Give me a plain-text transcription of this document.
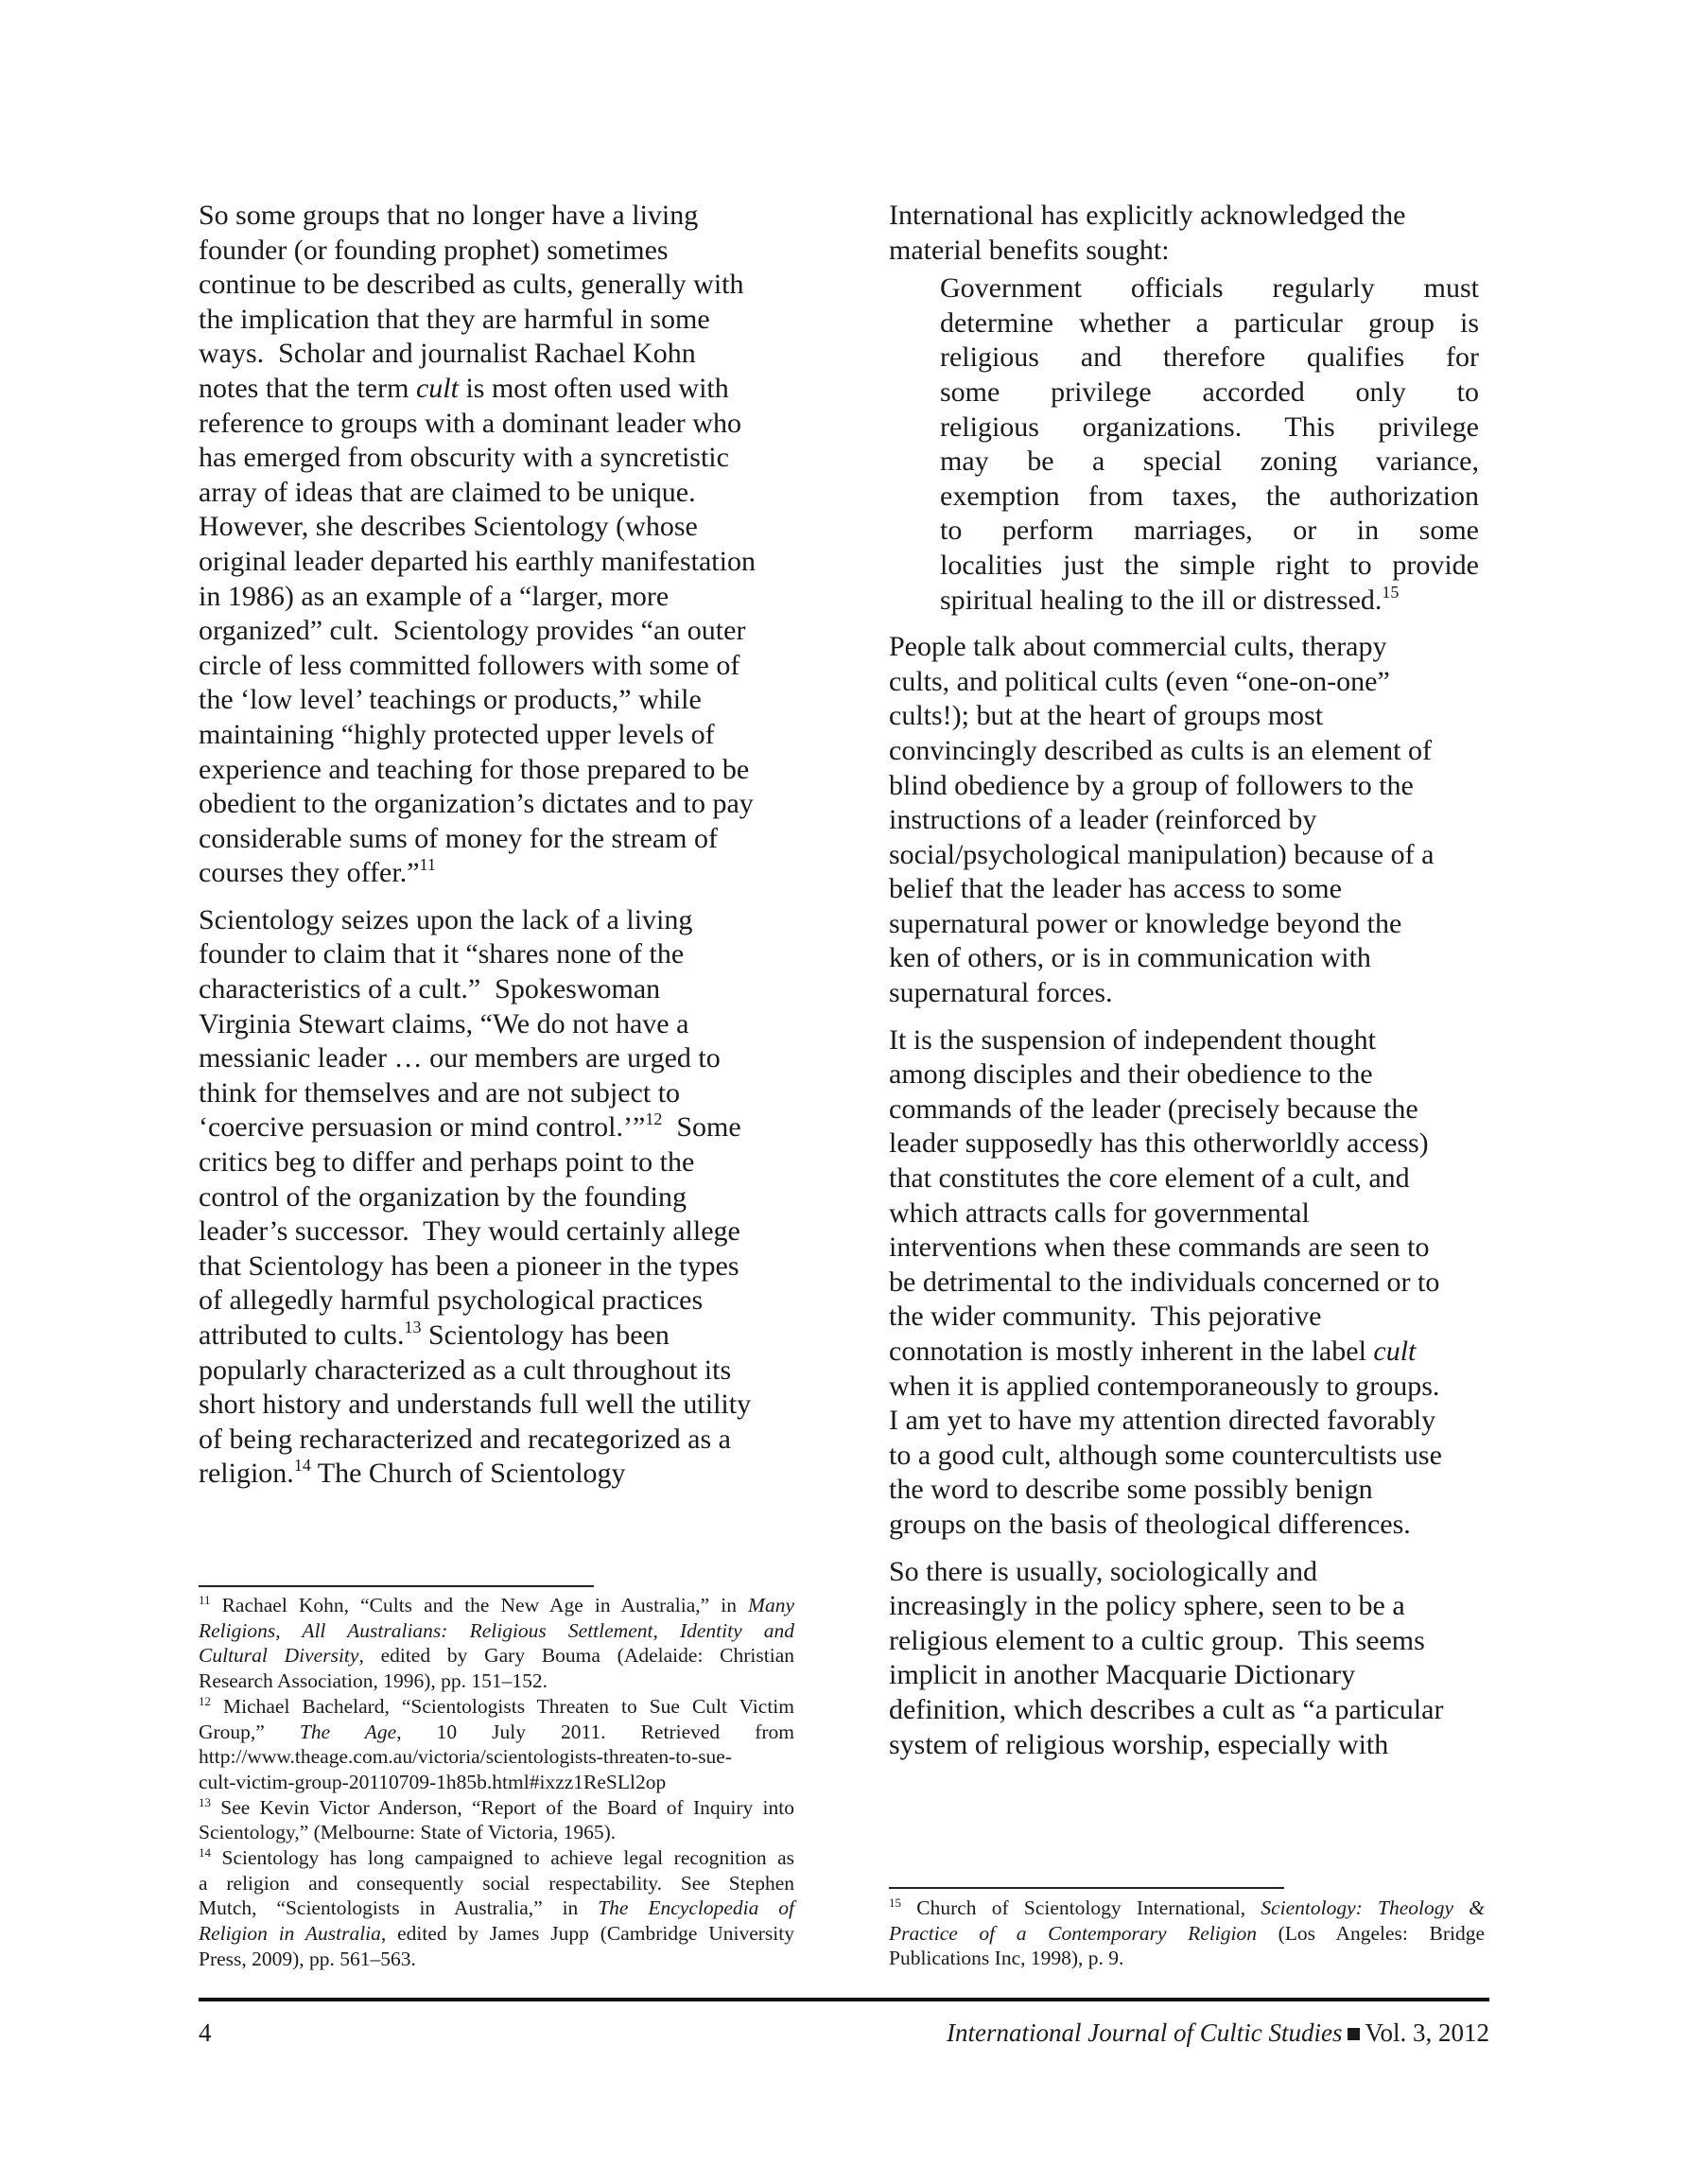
So some groups that no longer have a living
founder (or founding prophet) sometimes
continue to be described as cults, generally with
the implication that they are harmful in some
ways.  Scholar and journalist Rachael Kohn
notes that the term cult is most often used with
reference to groups with a dominant leader who
has emerged from obscurity with a syncretistic
array of ideas that are claimed to be unique.
However, she describes Scientology (whose
original leader departed his earthly manifestation
in 1986) as an example of a “larger, more
organized” cult.  Scientology provides “an outer
circle of less committed followers with some of
the ‘low level’ teachings or products,” while
maintaining “highly protected upper levels of
experience and teaching for those prepared to be
obedient to the organization’s dictates and to pay
considerable sums of money for the stream of
courses they offer.”$^{11}$
Scientology seizes upon the lack of a living
founder to claim that it “shares none of the
characteristics of a cult.”  Spokeswoman
Virginia Stewart claims, “We do not have a
messianic leader … our members are urged to
think for themselves and are not subject to
‘coercive persuasion or mind control.’”$^{12}$  Some
critics beg to differ and perhaps point to the
control of the organization by the founding
leader’s successor.  They would certainly allege
that Scientology has been a pioneer in the types
of allegedly harmful psychological practices
attributed to cults.$^{13}$ Scientology has been
popularly characterized as a cult throughout its
short history and understands full well the utility
of being recharacterized and recategorized as a
religion.$^{14}$ The Church of Scientology
International has explicitly acknowledged the
material benefits sought:
Government officials regularly must
determine whether a particular group is
religious and therefore qualifies for
some privilege accorded only to
religious organizations. This privilege
may be a special zoning variance,
exemption from taxes, the authorization
to perform marriages, or in some
localities just the simple right to provide
spiritual healing to the ill or distressed.$^{15}$
People talk about commercial cults, therapy
cults, and political cults (even “one-on-one”
cults!); but at the heart of groups most
convincingly described as cults is an element of
blind obedience by a group of followers to the
instructions of a leader (reinforced by
social/psychological manipulation) because of a
belief that the leader has access to some
supernatural power or knowledge beyond the
ken of others, or is in communication with
supernatural forces.
It is the suspension of independent thought
among disciples and their obedience to the
commands of the leader (precisely because the
leader supposedly has this otherworldly access)
that constitutes the core element of a cult, and
which attracts calls for governmental
interventions when these commands are seen to
be detrimental to the individuals concerned or to
the wider community.  This pejorative
connotation is mostly inherent in the label cult
when it is applied contemporaneously to groups.
I am yet to have my attention directed favorably
to a good cult, although some countercultists use
the word to describe some possibly benign
groups on the basis of theological differences.
So there is usually, sociologically and
increasingly in the policy sphere, seen to be a
religious element to a cultic group.  This seems
implicit in another Macquarie Dictionary
definition, which describes a cult as “a particular
system of religious worship, especially with
$^{11}$ Rachael Kohn, “Cults and the New Age in Australia,” in Many
Religions, All Australians: Religious Settlement, Identity and
Cultural Diversity, edited by Gary Bouma (Adelaide: Christian
Research Association, 1996), pp. 151–152.
$^{12}$ Michael Bachelard, “Scientologists Threaten to Sue Cult Victim
Group,” The Age, 10 July 2011. Retrieved from
http://www.theage.com.au/victoria/scientologists-threaten-to-sue-
cult-victim-group-20110709-1h85b.html#ixzz1ReSLl2op
$^{13}$ See Kevin Victor Anderson, “Report of the Board of Inquiry into
Scientology,” (Melbourne: State of Victoria, 1965).
$^{14}$ Scientology has long campaigned to achieve legal recognition as
a religion and consequently social respectability. See Stephen
Mutch, “Scientologists in Australia,” in The Encyclopedia of
Religion in Australia, edited by James Jupp (Cambridge University
Press, 2009), pp. 561–563.
$^{15}$ Church of Scientology International, Scientology: Theology &
Practice of a Contemporary Religion (Los Angeles: Bridge
Publications Inc, 1998), p. 9.
4	International Journal of Cultic Studies Vol. 3, 2012
